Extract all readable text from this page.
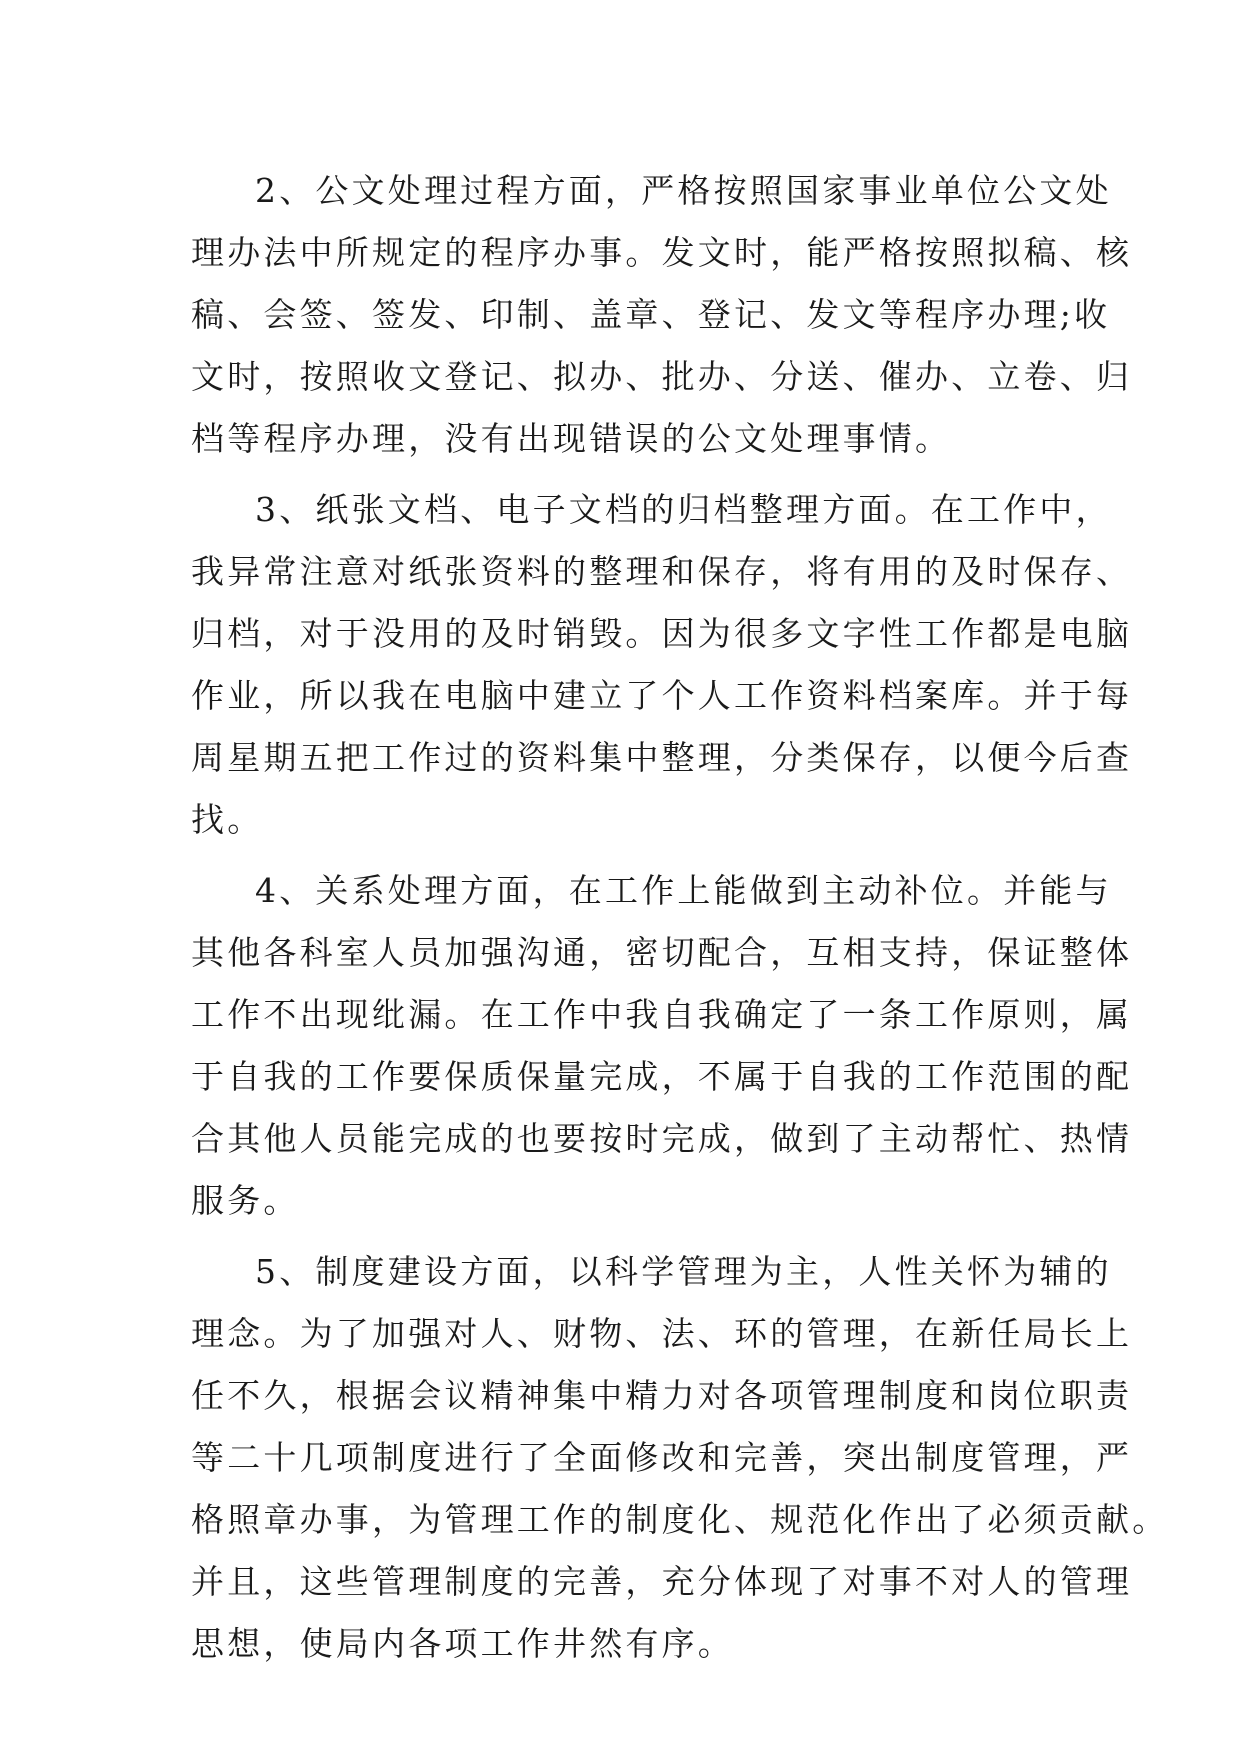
2、公文处理过程方面，严格按照国家事业单位公文处
理办法中所规定的程序办事。发文时，能严格按照拟稿、核
稿、会签、签发、印制、盖章、登记、发文等程序办理;收
文时，按照收文登记、拟办、批办、分送、催办、立卷、归
档等程序办理，没有出现错误的公文处理事情。

3、纸张文档、电子文档的归档整理方面。在工作中，
我异常注意对纸张资料的整理和保存，将有用的及时保存、
归档，对于没用的及时销毁。因为很多文字性工作都是电脑
作业，所以我在电脑中建立了个人工作资料档案库。并于每
周星期五把工作过的资料集中整理，分类保存，以便今后查
找。

4、关系处理方面，在工作上能做到主动补位。并能与
其他各科室人员加强沟通，密切配合，互相支持，保证整体
工作不出现纰漏。在工作中我自我确定了一条工作原则，属
于自我的工作要保质保量完成，不属于自我的工作范围的配
合其他人员能完成的也要按时完成，做到了主动帮忙、热情
服务。

5、制度建设方面，以科学管理为主，人性关怀为辅的
理念。为了加强对人、财物、法、环的管理，在新任局长上
任不久，根据会议精神集中精力对各项管理制度和岗位职责
等二十几项制度进行了全面修改和完善，突出制度管理，严
格照章办事，为管理工作的制度化、规范化作出了必须贡献。
并且，这些管理制度的完善，充分体现了对事不对人的管理
思想，使局内各项工作井然有序。
